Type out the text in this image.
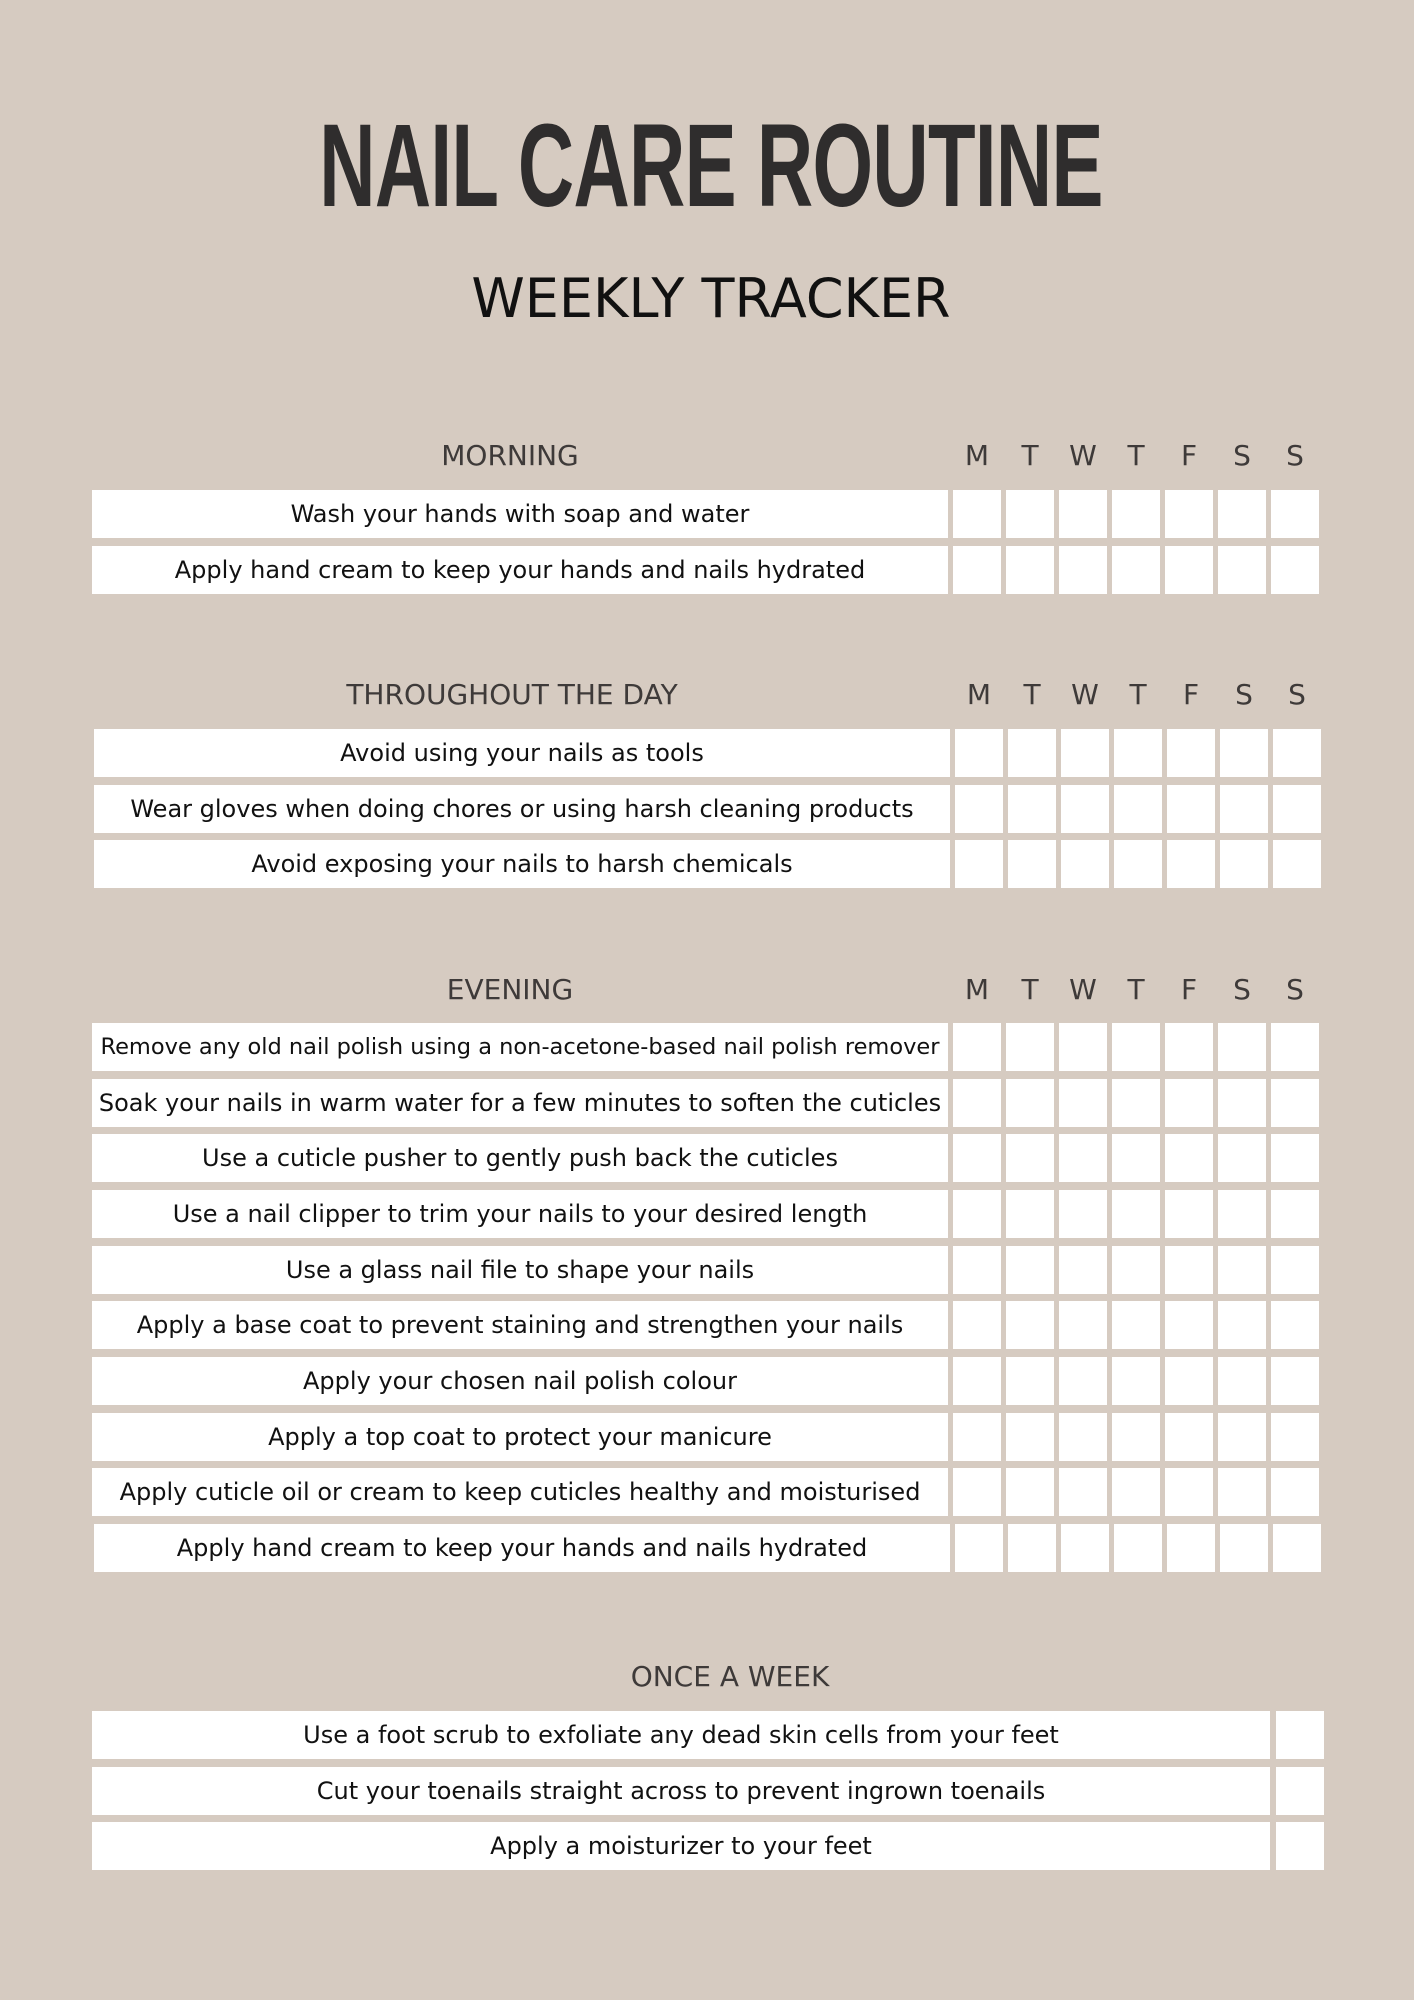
NAIL CARE ROUTINE
WEEKLY TRACKER
MORNING	M	T	W	T	F	S	S
Wash your hands with soap and water
Apply hand cream to keep your hands and nails hydrated
THROUGHOUT THE DAY	M	T	W	T	F	S	S
Avoid using your nails as tools
Wear gloves when doing chores or using harsh cleaning products
Avoid exposing your nails to harsh chemicals
EVENING	M	T	W	T	F	S	S
Remove any old nail polish using a non-acetone-based nail polish remover
Soak your nails in warm water for a few minutes to soften the cuticles
Use a cuticle pusher to gently push back the cuticles
Use a nail clipper to trim your nails to your desired length
Use a glass nail file to shape your nails
Apply a base coat to prevent staining and strengthen your nails
Apply your chosen nail polish colour
Apply a top coat to protect your manicure
Apply cuticle oil or cream to keep cuticles healthy and moisturised
Apply hand cream to keep your hands and nails hydrated
ONCE A WEEK
Use a foot scrub to exfoliate any dead skin cells from your feet
Cut your toenails straight across to prevent ingrown toenails
Apply a moisturizer to your feet
